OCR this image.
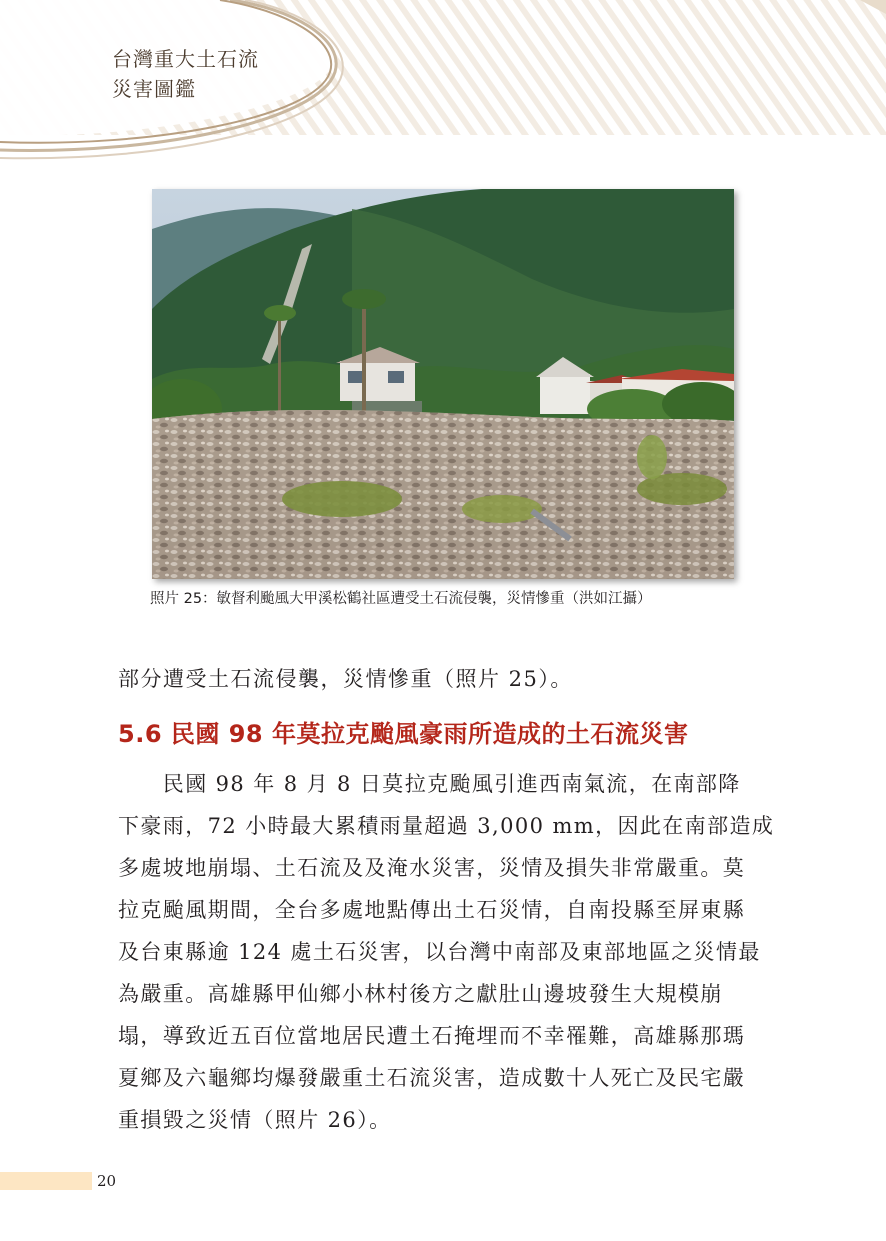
台灣重大土石流
災害圖鑑
照片 25：敏督利颱風大甲溪松鶴社區遭受土石流侵襲，災情慘重（洪如江攝）
部分遭受土石流侵襲，災情慘重（照片 25）。
5.6 民國 98 年莫拉克颱風豪雨所造成的土石流災害
　　民國 98 年 8 月 8 日莫拉克颱風引進西南氣流，在南部降
下豪雨，72 小時最大累積雨量超過 3,000 mm，因此在南部造成
多處坡地崩塌、土石流及及淹水災害，災情及損失非常嚴重。莫
拉克颱風期間，全台多處地點傳出土石災情，自南投縣至屏東縣
及台東縣逾 124 處土石災害，以台灣中南部及東部地區之災情最
為嚴重。高雄縣甲仙鄉小林村後方之獻肚山邊坡發生大規模崩
塌，導致近五百位當地居民遭土石掩埋而不幸罹難，高雄縣那瑪
夏鄉及六龜鄉均爆發嚴重土石流災害，造成數十人死亡及民宅嚴
重損毀之災情（照片 26）。
20
